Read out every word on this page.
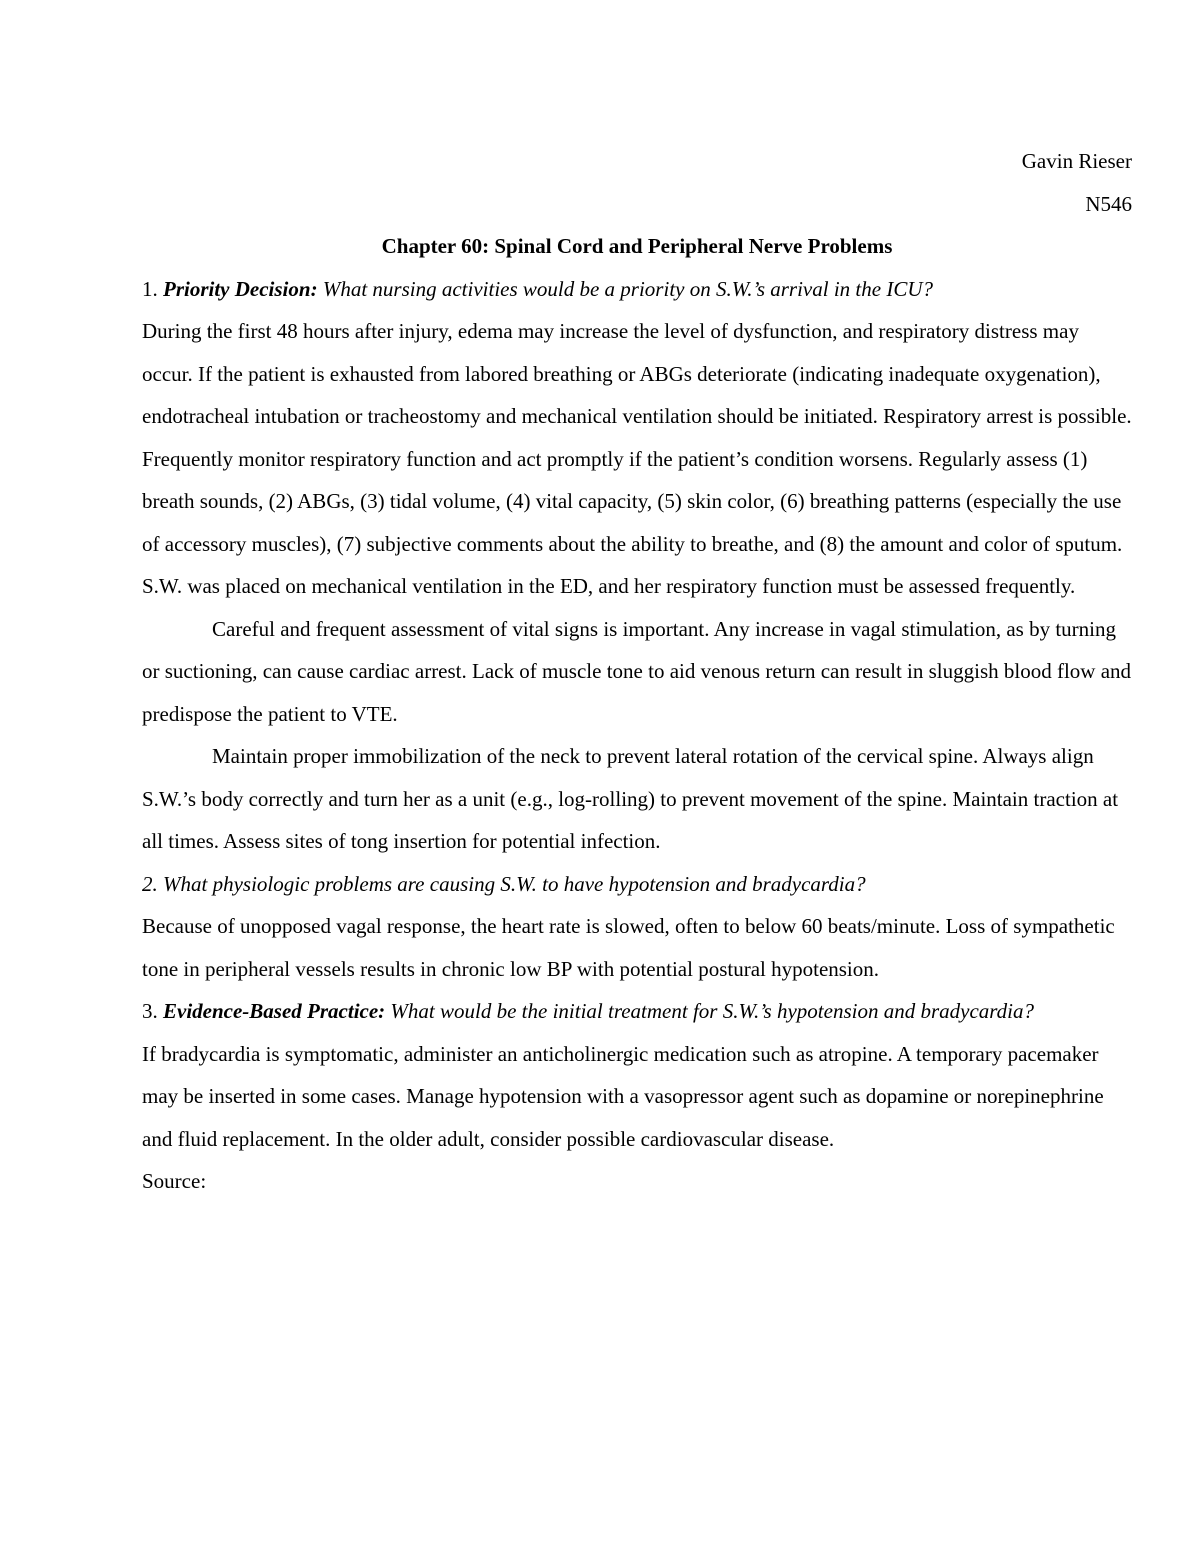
Gavin Rieser

N546

Chapter 60: Spinal Cord and Peripheral Nerve Problems

1. Priority Decision: What nursing activities would be a priority on S.W.’s arrival in the ICU?

During the first 48 hours after injury, edema may increase the level of dysfunction, and respiratory distress may occur. If the patient is exhausted from labored breathing or ABGs deteriorate (indicating inadequate oxygenation), endotracheal intubation or tracheostomy and mechanical ventilation should be initiated. Respiratory arrest is possible. Frequently monitor respiratory function and act promptly if the patient’s condition worsens. Regularly assess (1) breath sounds, (2) ABGs, (3) tidal volume, (4) vital capacity, (5) skin color, (6) breathing patterns (especially the use of accessory muscles), (7) subjective comments about the ability to breathe, and (8) the amount and color of sputum. S.W. was placed on mechanical ventilation in the ED, and her respiratory function must be assessed frequently.

Careful and frequent assessment of vital signs is important. Any increase in vagal stimulation, as by turning or suctioning, can cause cardiac arrest. Lack of muscle tone to aid venous return can result in sluggish blood flow and predispose the patient to VTE.

Maintain proper immobilization of the neck to prevent lateral rotation of the cervical spine. Always align S.W.’s body correctly and turn her as a unit (e.g., log-rolling) to prevent movement of the spine. Maintain traction at all times. Assess sites of tong insertion for potential infection.

2. What physiologic problems are causing S.W. to have hypotension and bradycardia?

Because of unopposed vagal response, the heart rate is slowed, often to below 60 beats/minute. Loss of sympathetic tone in peripheral vessels results in chronic low BP with potential postural hypotension.

3. Evidence-Based Practice: What would be the initial treatment for S.W.’s hypotension and bradycardia?

If bradycardia is symptomatic, administer an anticholinergic medication such as atropine. A temporary pacemaker may be inserted in some cases. Manage hypotension with a vasopressor agent such as dopamine or norepinephrine and fluid replacement. In the older adult, consider possible cardiovascular disease.

Source:
